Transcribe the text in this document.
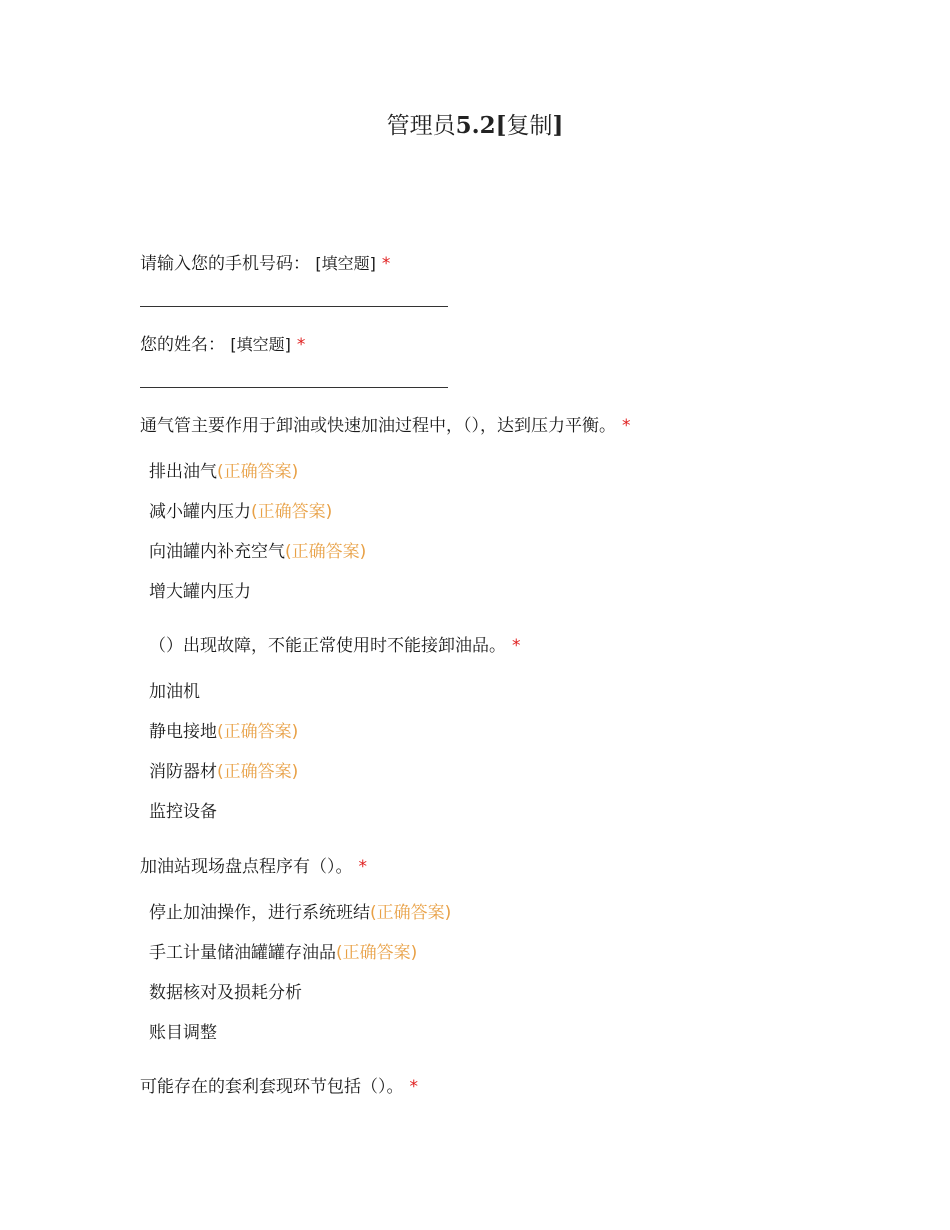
管理员5.2[复制]
请输入您的手机号码： [填空题] *
您的姓名： [填空题] *
通气管主要作用于卸油或快速加油过程中，（），达到压力平衡。 *
排出油气(正确答案)
减小罐内压力(正确答案)
向油罐内补充空气(正确答案)
增大罐内压力
（）出现故障，不能正常使用时不能接卸油品。 *
加油机
静电接地(正确答案)
消防器材(正确答案)
监控设备
加油站现场盘点程序有（）。 *
停止加油操作，进行系统班结(正确答案)
手工计量储油罐罐存油品(正确答案)
数据核对及损耗分析
账目调整
可能存在的套利套现环节包括（）。 *
